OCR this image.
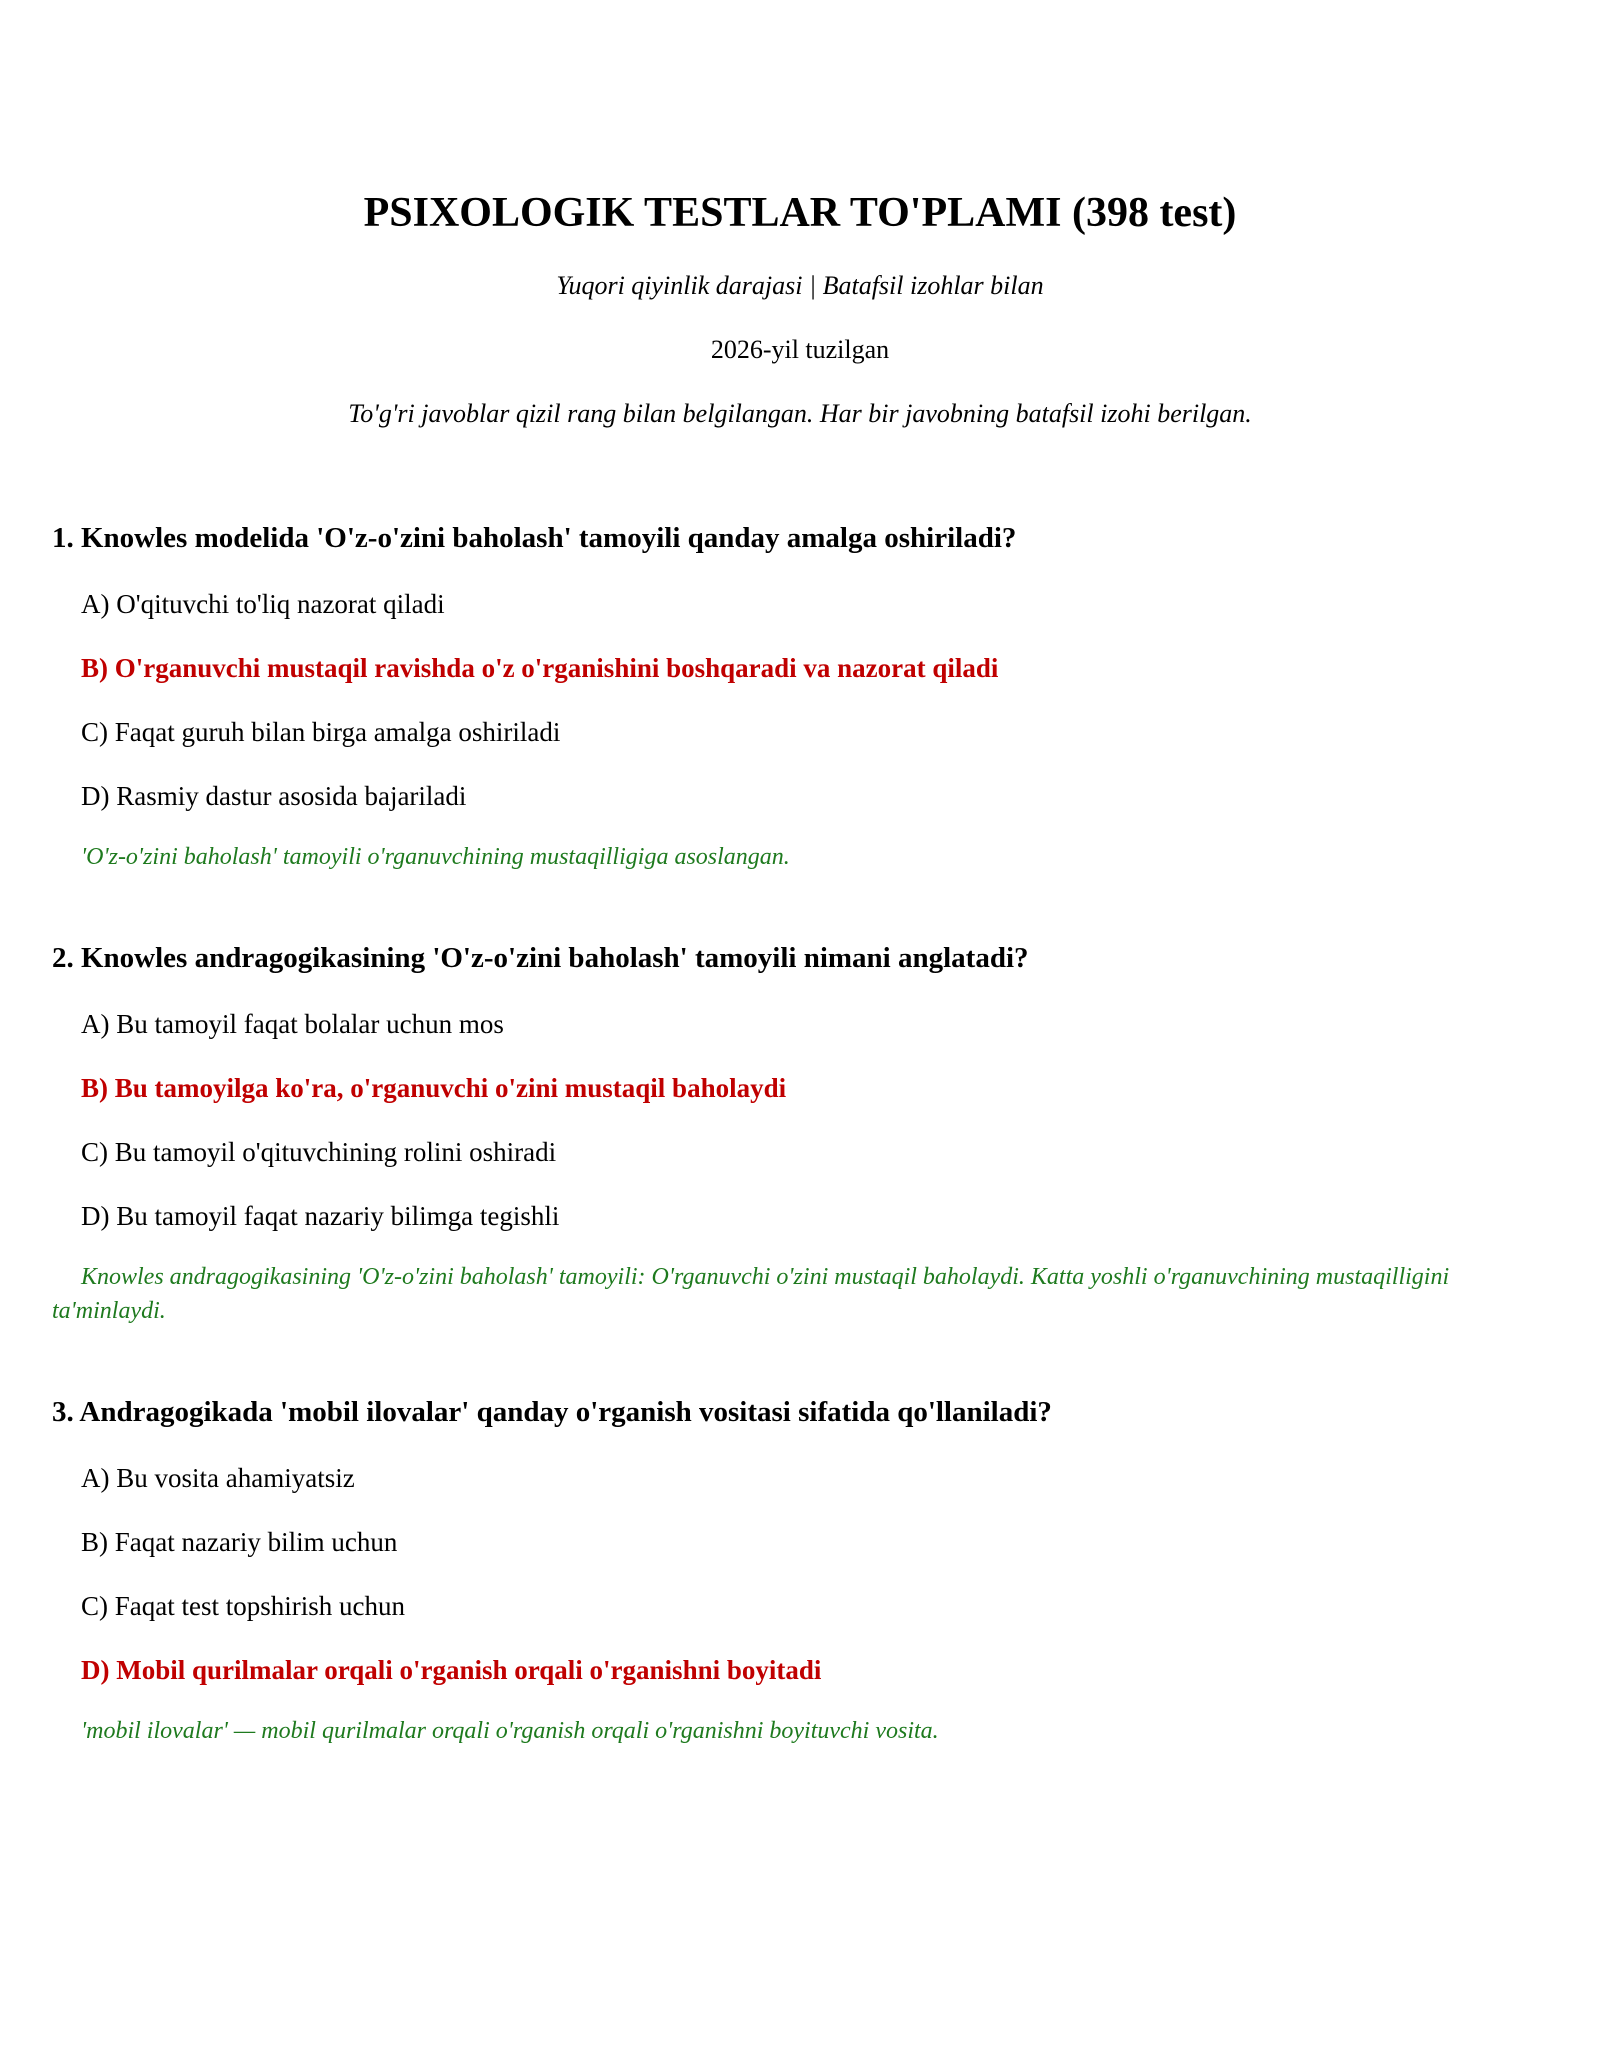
PSIXOLOGIK TESTLAR TO'PLAMI (398 test)

Yuqori qiyinlik darajasi | Batafsil izohlar bilan

2026-yil tuzilgan

To'g'ri javoblar qizil rang bilan belgilangan. Har bir javobning batafsil izohi berilgan.

1. Knowles modelida 'O'z-o'zini baholash' tamoyili qanday amalga oshiriladi?

A) O'qituvchi to'liq nazorat qiladi
B) O'rganuvchi mustaqil ravishda o'z o'rganishini boshqaradi va nazorat qiladi
C) Faqat guruh bilan birga amalga oshiriladi
D) Rasmiy dastur asosida bajariladi

'O'z-o'zini baholash' tamoyili o'rganuvchining mustaqilligiga asoslangan.

2. Knowles andragogikasining 'O'z-o'zini baholash' tamoyili nimani anglatadi?

A) Bu tamoyil faqat bolalar uchun mos
B) Bu tamoyilga ko'ra, o'rganuvchi o'zini mustaqil baholaydi
C) Bu tamoyil o'qituvchining rolini oshiradi
D) Bu tamoyil faqat nazariy bilimga tegishli

Knowles andragogikasining 'O'z-o'zini baholash' tamoyili: O'rganuvchi o'zini mustaqil baholaydi. Katta yoshli o'rganuvchining mustaqilligini ta'minlaydi.

3. Andragogikada 'mobil ilovalar' qanday o'rganish vositasi sifatida qo'llaniladi?

A) Bu vosita ahamiyatsiz
B) Faqat nazariy bilim uchun
C) Faqat test topshirish uchun
D) Mobil qurilmalar orqali o'rganish orqali o'rganishni boyitadi

'mobil ilovalar' — mobil qurilmalar orqali o'rganish orqali o'rganishni boyituvchi vosita.
